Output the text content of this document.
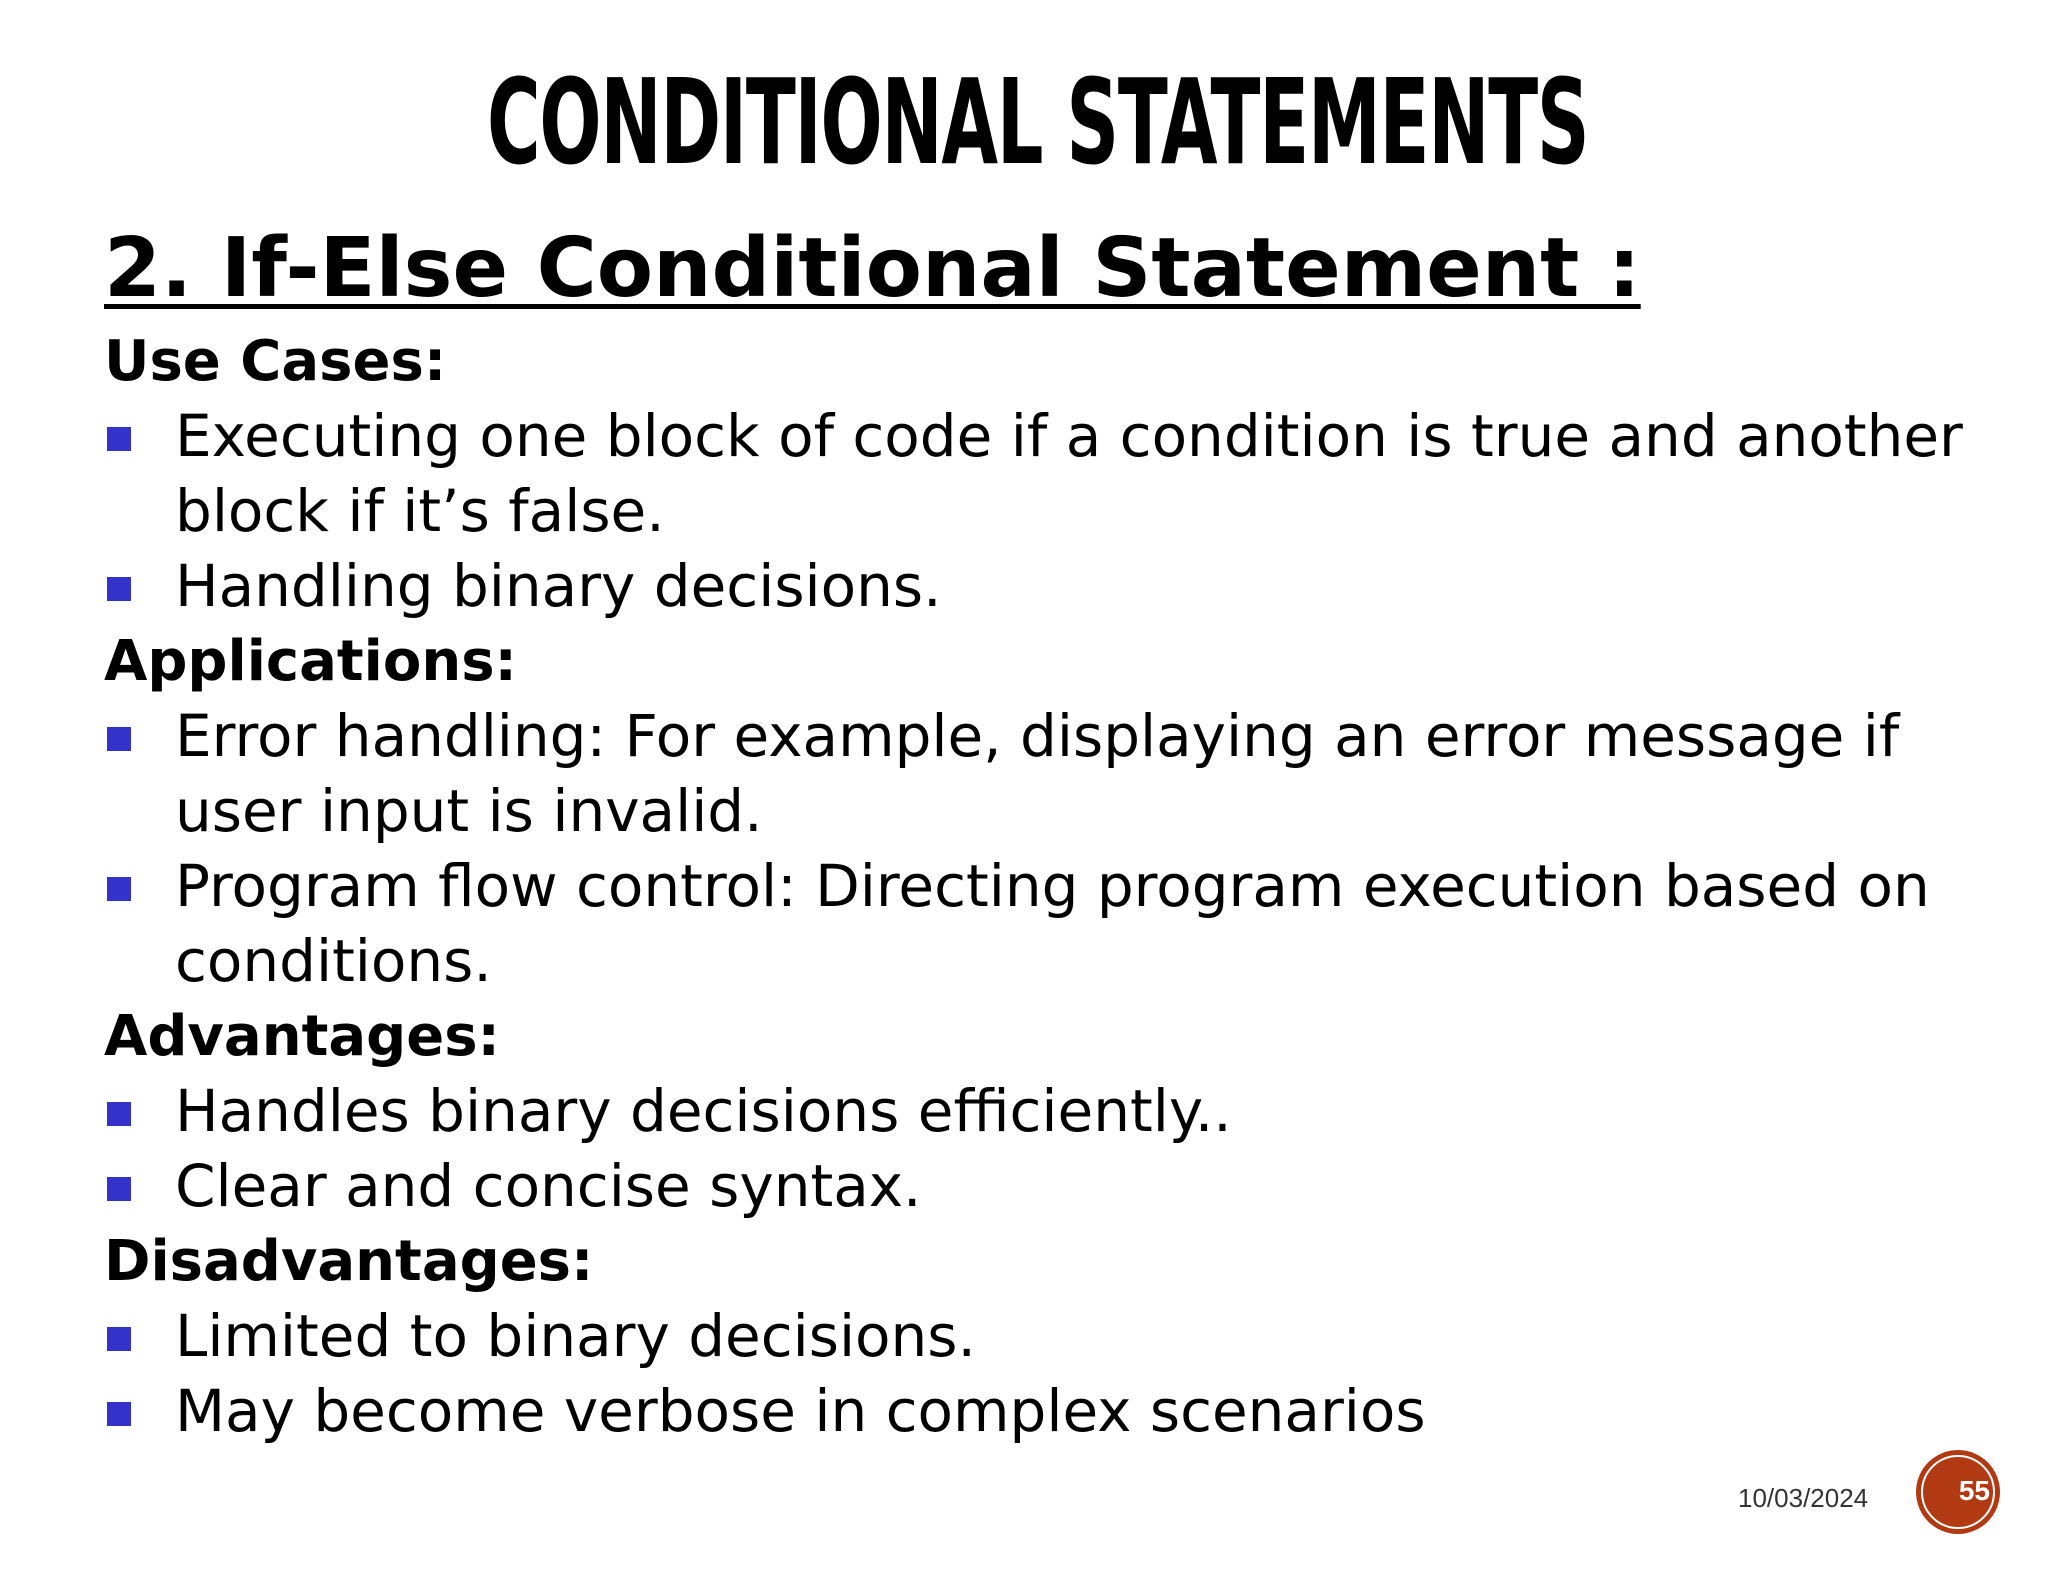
CONDITIONAL STATEMENTS
2. If-Else Conditional Statement :
Use Cases:
Executing one block of code if a condition is true and another block if it’s false.
Handling binary decisions.
Applications:
Error handling: For example, displaying an error message if user input is invalid.
Program flow control: Directing program execution based on conditions.
Advantages:
Handles binary decisions efficiently..
Clear and concise syntax.
Disadvantages:
Limited to binary decisions.
May become verbose in complex scenarios
10/03/2024	55
